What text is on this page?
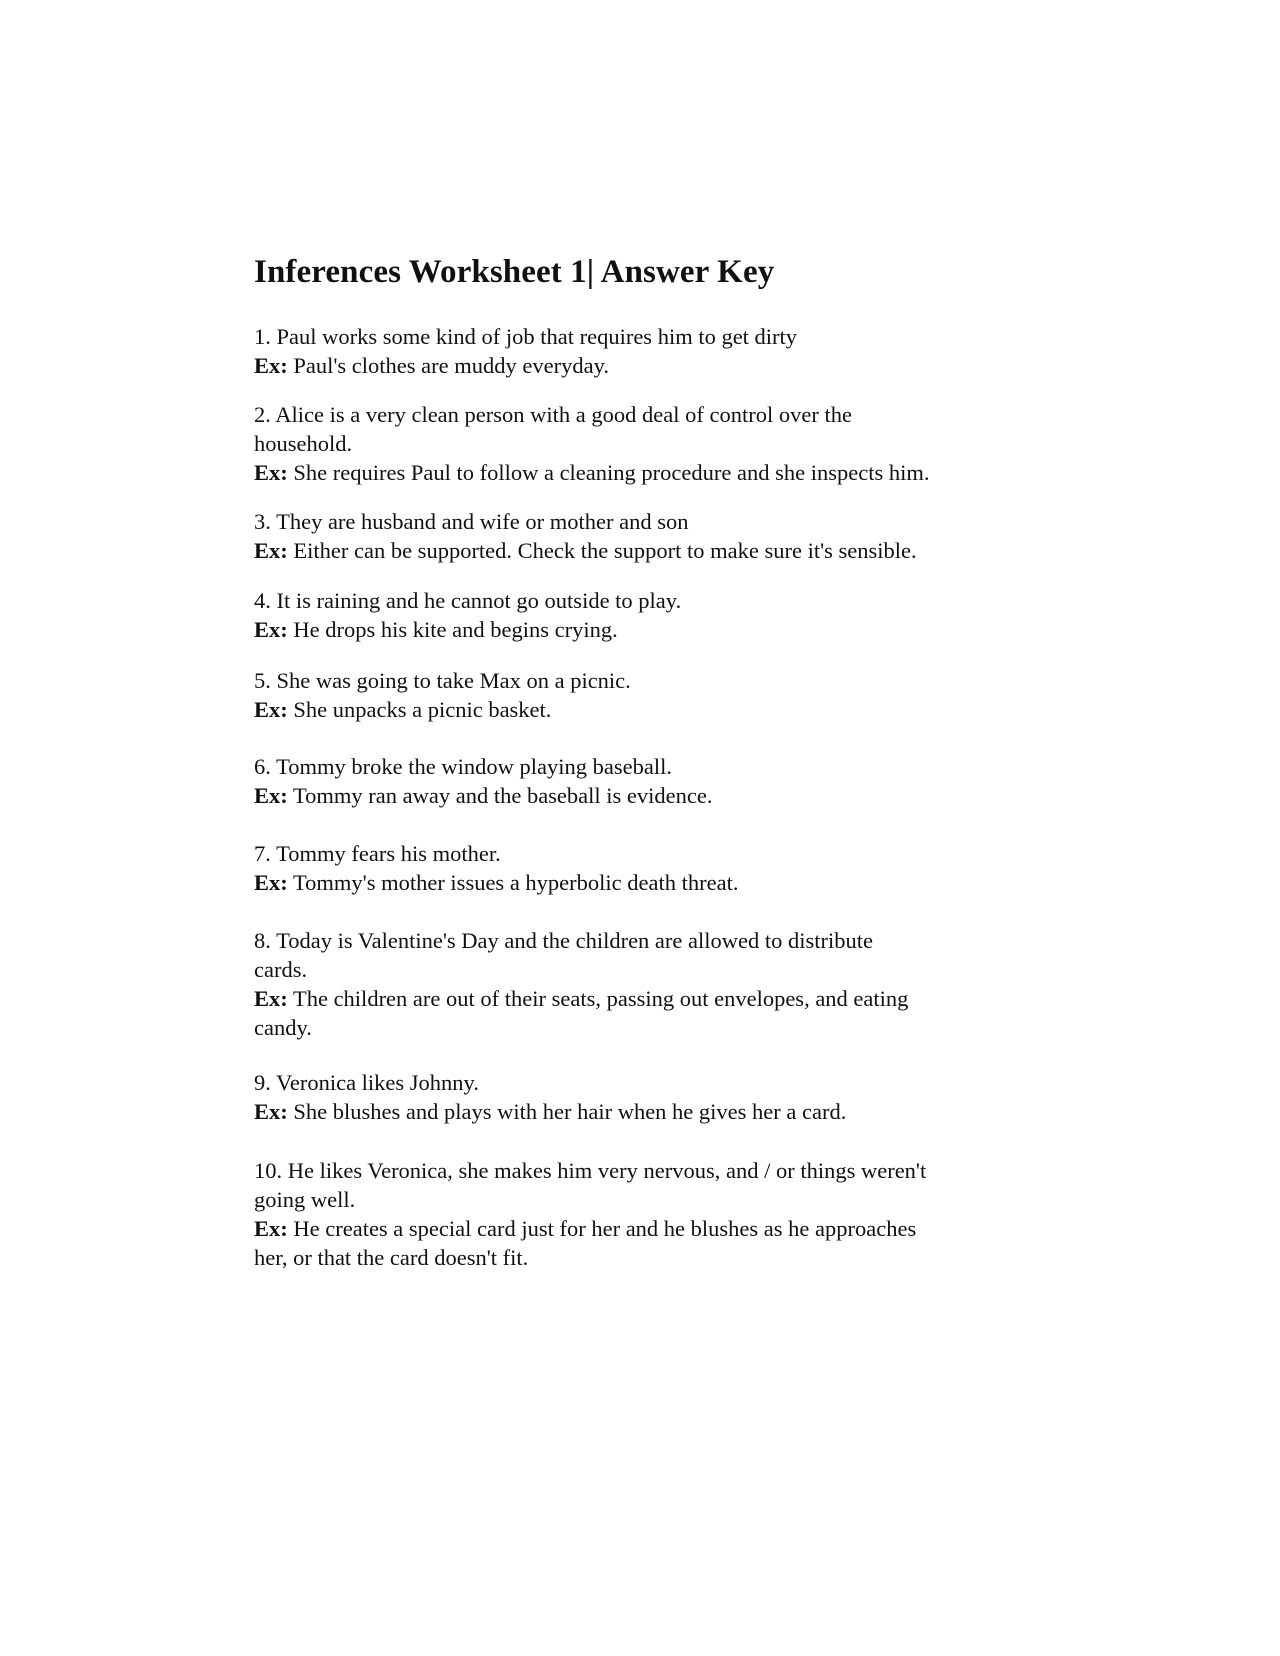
Inferences Worksheet 1| Answer Key
1. Paul works some kind of job that requires him to get dirty
Ex: Paul's clothes are muddy everyday.
2. Alice is a very clean person with a good deal of control over the
household.
Ex: She requires Paul to follow a cleaning procedure and she inspects him.
3. They are husband and wife or mother and son
Ex: Either can be supported. Check the support to make sure it's sensible.
4. It is raining and he cannot go outside to play.
Ex: He drops his kite and begins crying.
5. She was going to take Max on a picnic.
Ex: She unpacks a picnic basket.
6. Tommy broke the window playing baseball.
Ex: Tommy ran away and the baseball is evidence.
7. Tommy fears his mother.
Ex: Tommy's mother issues a hyperbolic death threat.
8. Today is Valentine's Day and the children are allowed to distribute
cards.
Ex: The children are out of their seats, passing out envelopes, and eating
candy.
9. Veronica likes Johnny.
Ex: She blushes and plays with her hair when he gives her a card.
10. He likes Veronica, she makes him very nervous, and / or things weren't
going well.
Ex: He creates a special card just for her and he blushes as he approaches
her, or that the card doesn't fit.
